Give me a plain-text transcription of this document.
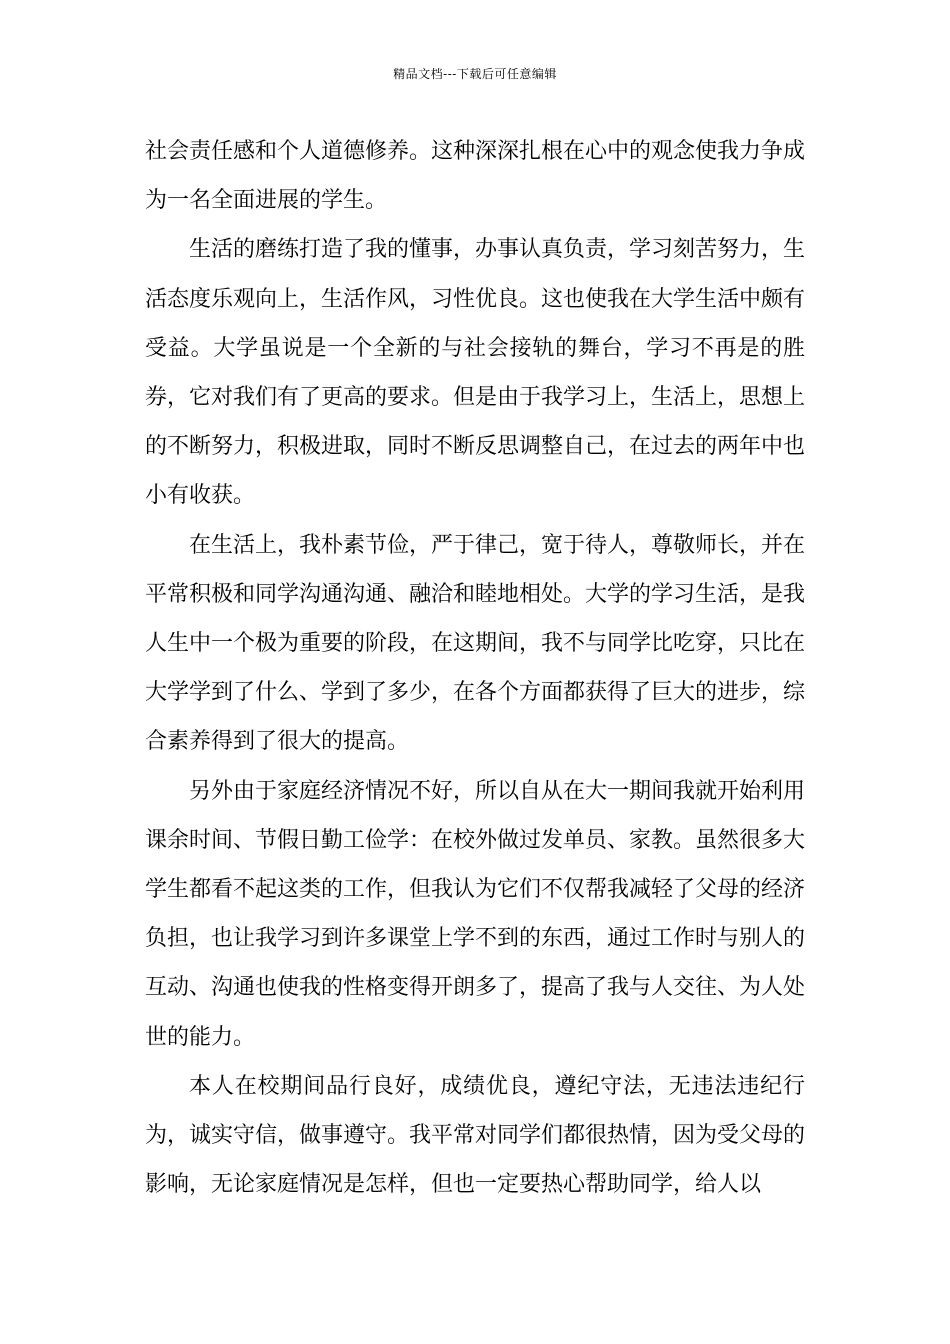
精品文档---下载后可任意编辑

社会责任感和个人道德修养。这种深深扎根在心中的观念使我力争成为一名全面进展的学生。

生活的磨练打造了我的懂事，办事认真负责，学习刻苦努力，生活态度乐观向上，生活作风，习性优良。这也使我在大学生活中颇有受益。大学虽说是一个全新的与社会接轨的舞台，学习不再是的胜券，它对我们有了更高的要求。但是由于我学习上，生活上，思想上的不断努力，积极进取，同时不断反思调整自己，在过去的两年中也小有收获。

在生活上，我朴素节俭，严于律己，宽于待人，尊敬师长，并在平常积极和同学沟通沟通、融洽和睦地相处。大学的学习生活，是我人生中一个极为重要的阶段，在这期间，我不与同学比吃穿，只比在大学学到了什么、学到了多少，在各个方面都获得了巨大的进步，综合素养得到了很大的提高。

另外由于家庭经济情况不好，所以自从在大一期间我就开始利用课余时间、节假日勤工俭学：在校外做过发单员、家教。虽然很多大学生都看不起这类的工作，但我认为它们不仅帮我减轻了父母的经济负担，也让我学习到许多课堂上学不到的东西，通过工作时与别人的互动、沟通也使我的性格变得开朗多了，提高了我与人交往、为人处世的能力。

本人在校期间品行良好，成绩优良，遵纪守法，无违法违纪行为，诚实守信，做事遵守。我平常对同学们都很热情，因为受父母的影响，无论家庭情况是怎样，但也一定要热心帮助同学，给人以
